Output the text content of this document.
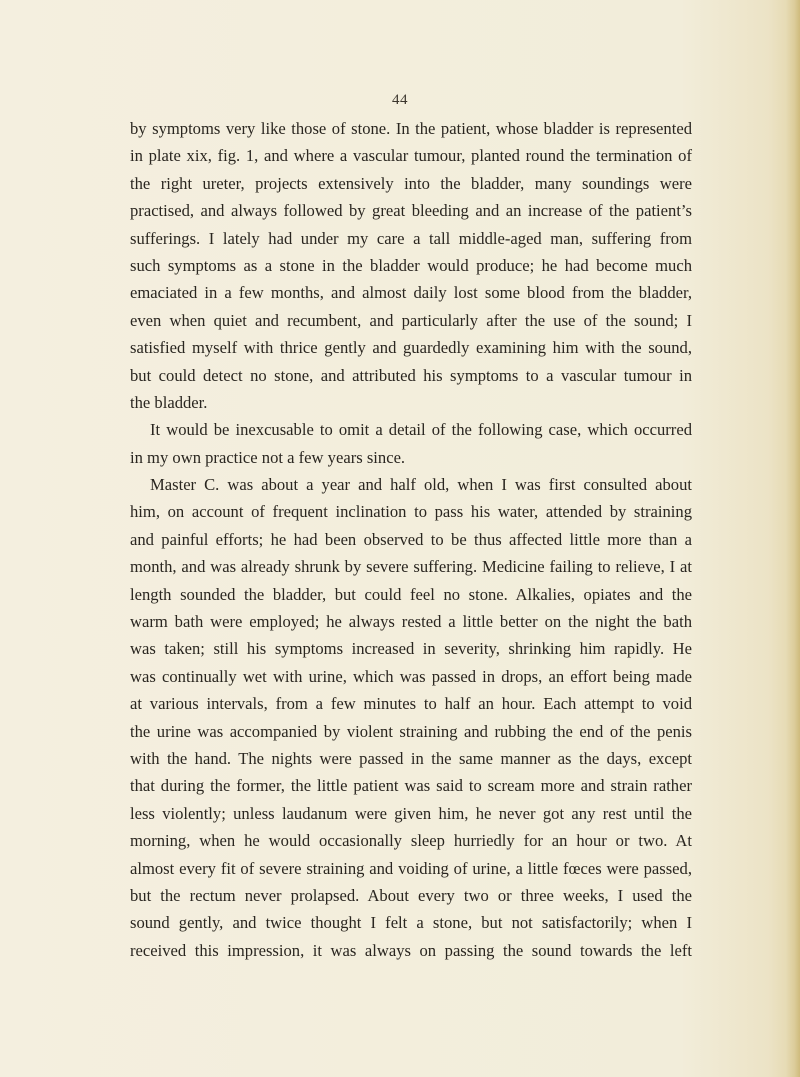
44
by symptoms very like those of stone. In the patient, whose bladder is represented
in plate xix, fig. 1, and where a vascular tumour, planted round the termination of
the right ureter, projects extensively into the bladder, many soundings were
practised, and always followed by great bleeding and an increase of the patient’s
sufferings. I lately had under my care a tall middle-aged man, suffering from
such symptoms as a stone in the bladder would produce; he had become much
emaciated in a few months, and almost daily lost some blood from the bladder,
even when quiet and recumbent, and particularly after the use of the sound; I
satisfied myself with thrice gently and guardedly examining him with the sound,
but could detect no stone, and attributed his symptoms to a vascular tumour in
the bladder.
It would be inexcusable to omit a detail of the following case, which occurred
in my own practice not a few years since.
Master C. was about a year and half old, when I was first consulted about
him, on account of frequent inclination to pass his water, attended by straining
and painful efforts; he had been observed to be thus affected little more than a
month, and was already shrunk by severe suffering. Medicine failing to relieve, I at
length sounded the bladder, but could feel no stone. Alkalies, opiates and the
warm bath were employed; he always rested a little better on the night the bath
was taken; still his symptoms increased in severity, shrinking him rapidly. He
was continually wet with urine, which was passed in drops, an effort being made
at various intervals, from a few minutes to half an hour. Each attempt to void
the urine was accompanied by violent straining and rubbing the end of the penis
with the hand. The nights were passed in the same manner as the days, except
that during the former, the little patient was said to scream more and strain rather
less violently; unless laudanum were given him, he never got any rest until the
morning, when he would occasionally sleep hurriedly for an hour or two. At
almost every fit of severe straining and voiding of urine, a little fœces were passed,
but the rectum never prolapsed. About every two or three weeks, I used the
sound gently, and twice thought I felt a stone, but not satisfactorily; when I
received this impression, it was always on passing the sound towards the left
